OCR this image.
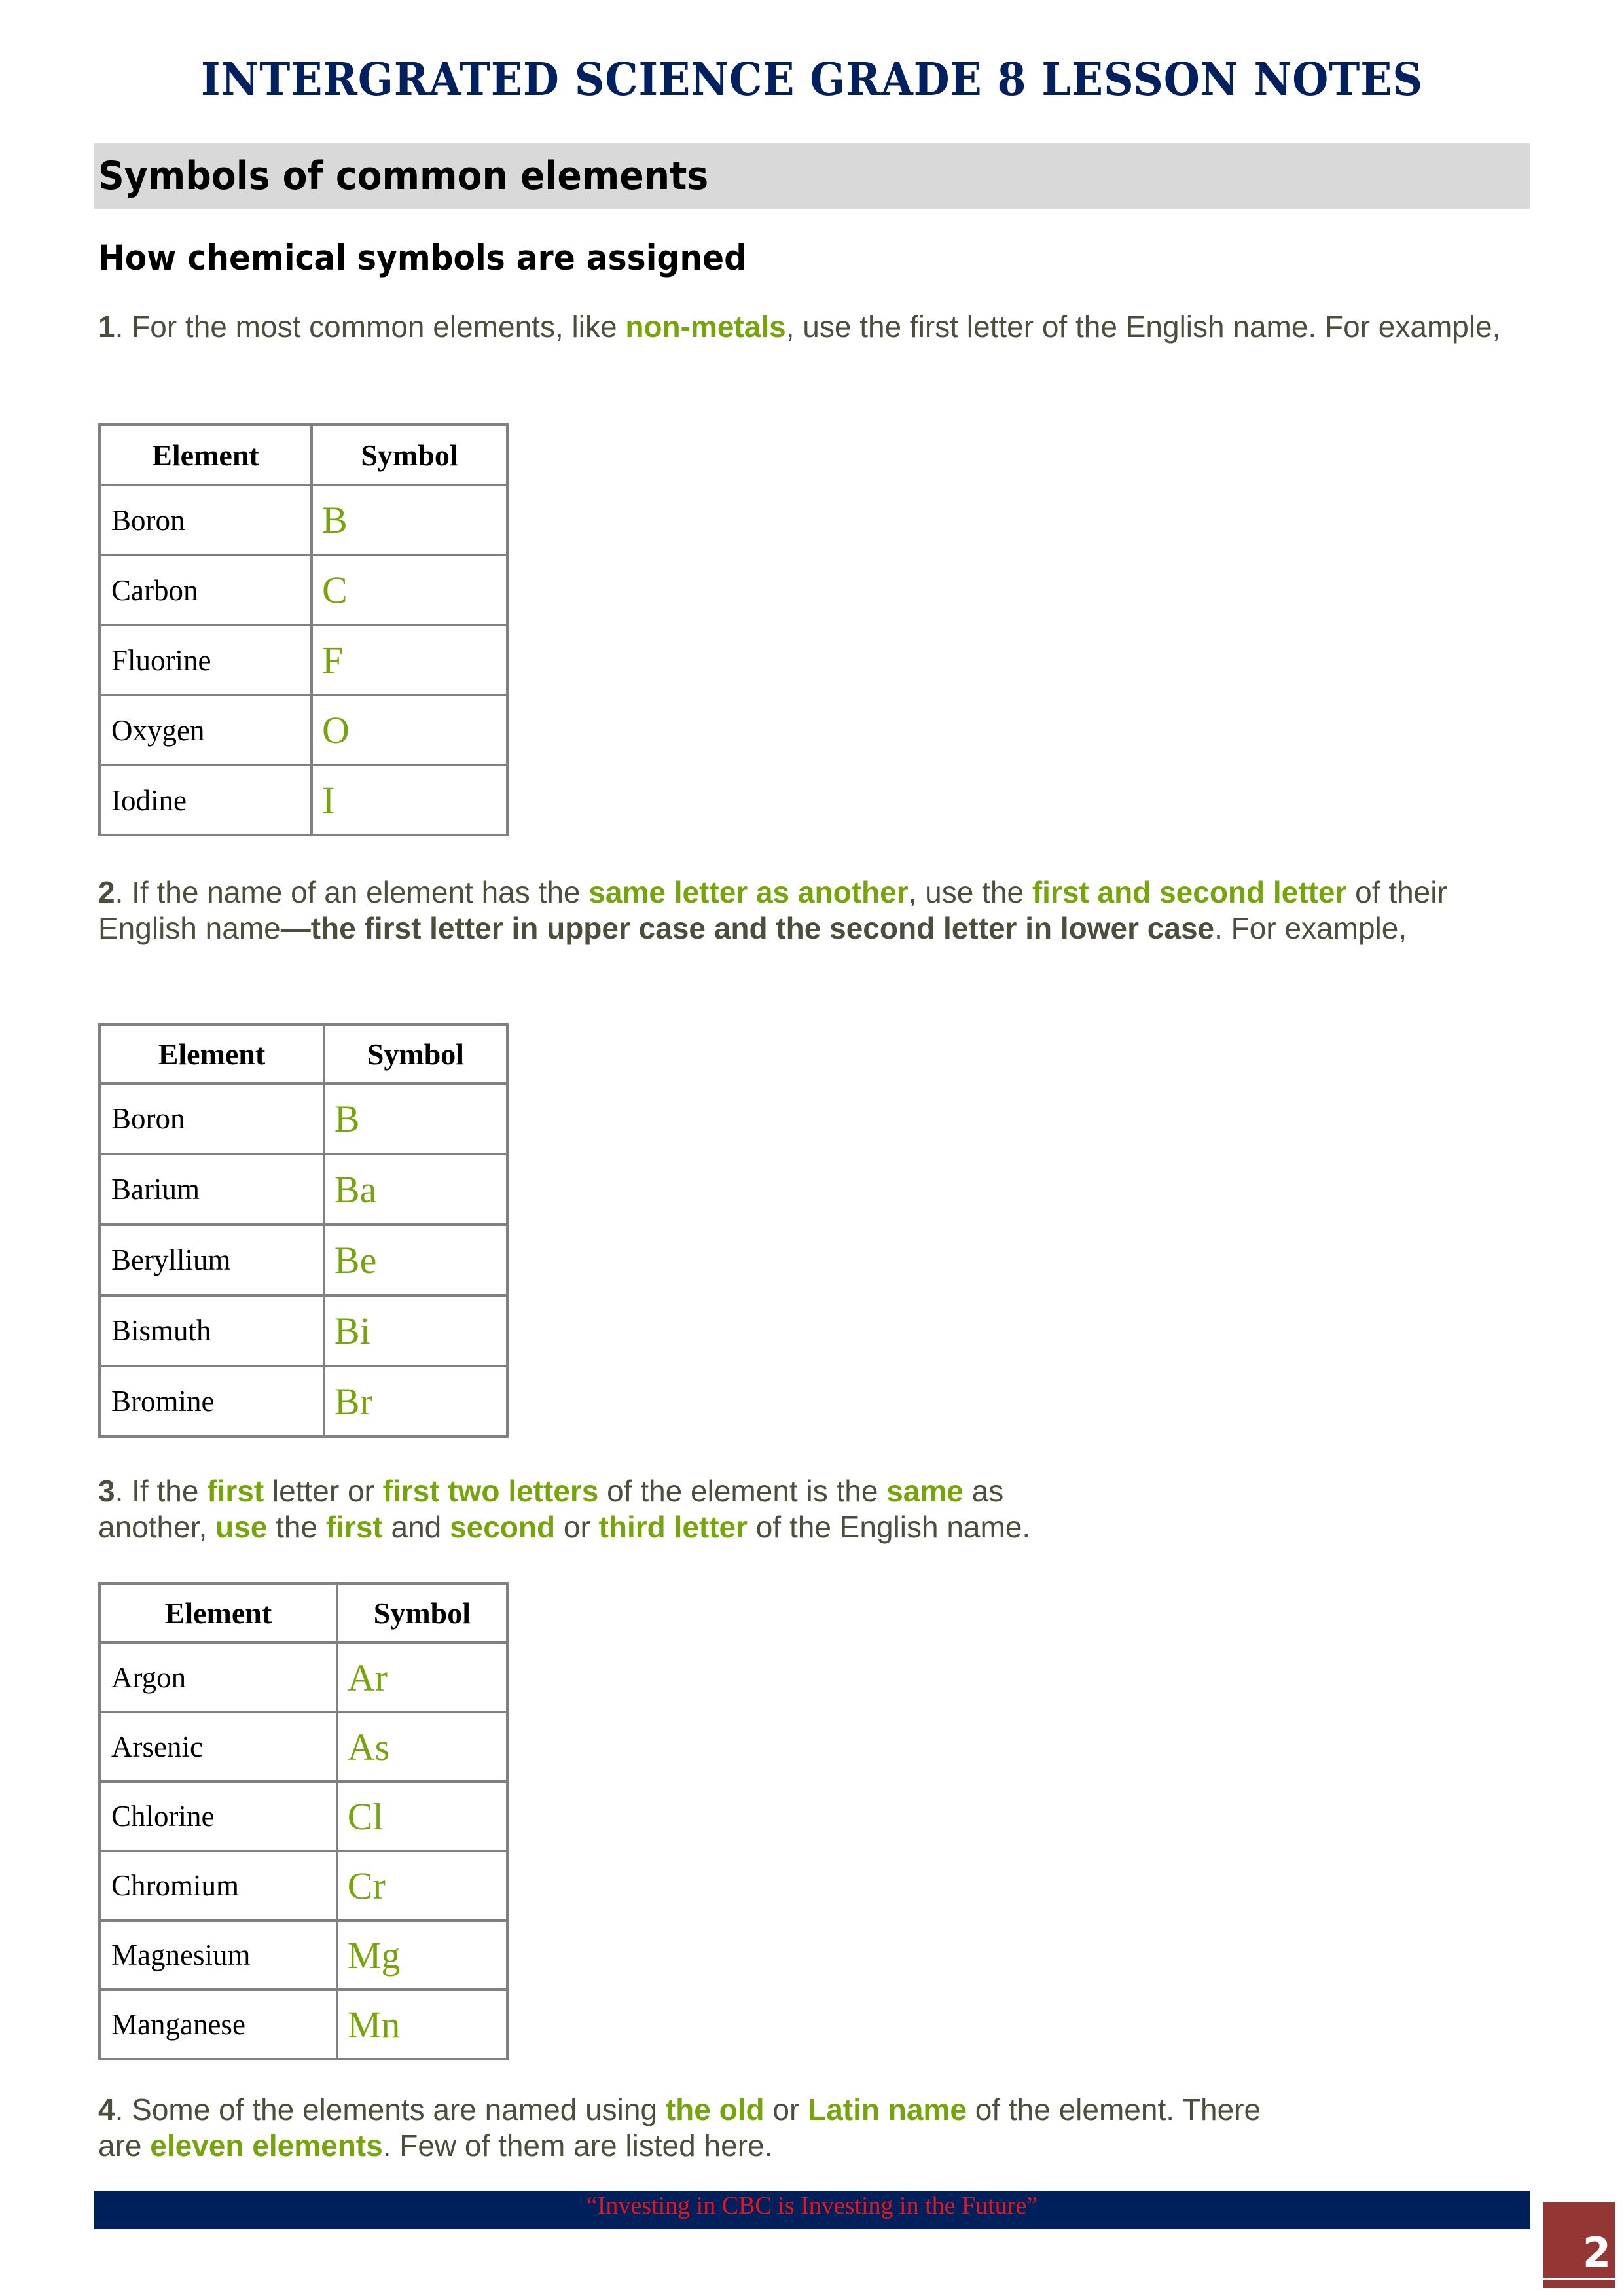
INTERGRATED SCIENCE GRADE 8 LESSON NOTES
Symbols of common elements
How chemical symbols are assigned
1. For the most common elements, like non-metals, use the first letter of the English name. For example,
Element	Symbol
Boron	B
Carbon	C
Fluorine	F
Oxygen	O
Iodine	I
2. If the name of an element has the same letter as another, use the first and second letter of their English name—the first letter in upper case and the second letter in lower case. For example,
Element	Symbol
Boron	B
Barium	Ba
Beryllium	Be
Bismuth	Bi
Bromine	Br
3. If the first letter or first two letters of the element is the same as
another, use the first and second or third letter of the English name.
Element	Symbol
Argon	Ar
Arsenic	As
Chlorine	Cl
Chromium	Cr
Magnesium	Mg
Manganese	Mn
4. Some of the elements are named using the old or Latin name of the element. There
are eleven elements. Few of them are listed here.
“Investing in CBC is Investing in the Future”
2
